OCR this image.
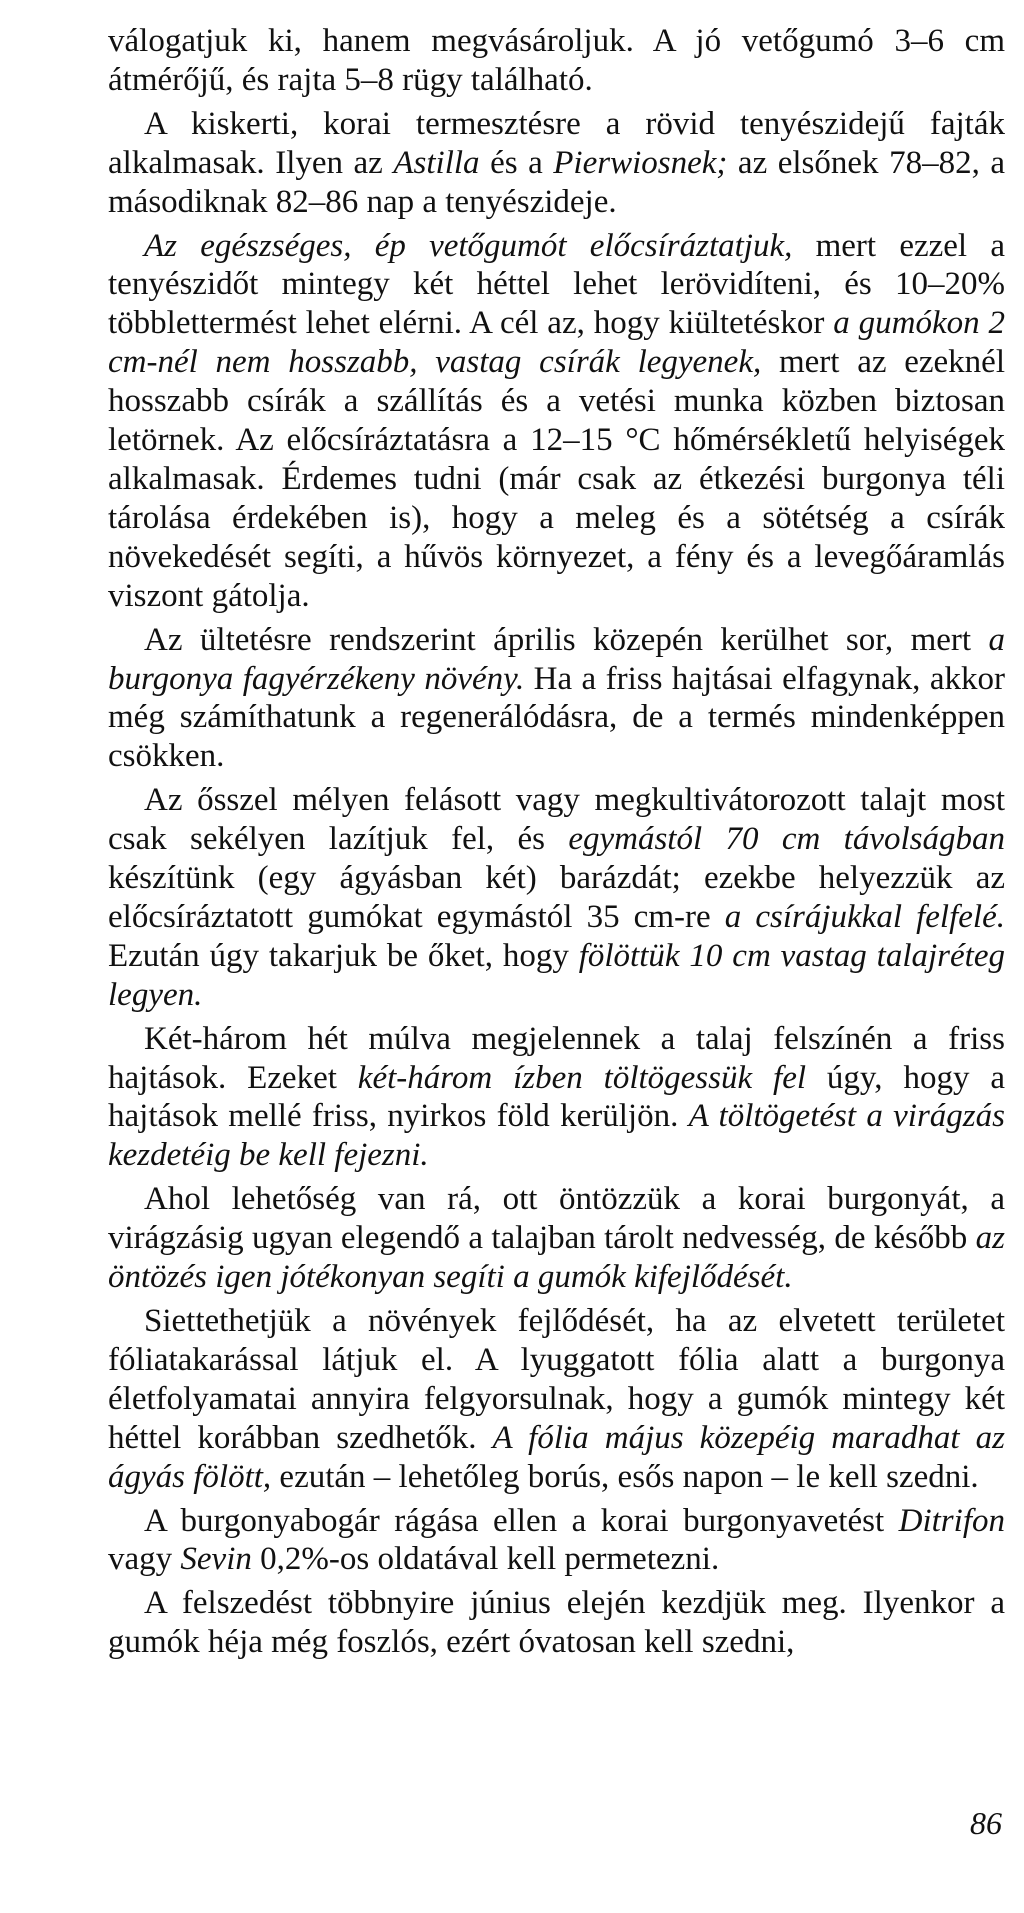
válogatjuk ki, hanem megvásároljuk. A jó vetőgumó 3–6 cm átmérőjű, és rajta 5–8 rügy található.

A kiskerti, korai termesztésre a rövid tenyészidejű fajták alkalmasak. Ilyen az Astilla és a Pierwiosnek; az elsőnek 78–82, a másodiknak 82–86 nap a tenyészideje.

Az egészséges, ép vetőgumót előcsíráztatjuk, mert ezzel a tenyészidőt mintegy két héttel lehet lerövidíteni, és 10–20% többlettermést lehet elérni. A cél az, hogy kiültetéskor a gumókon 2 cm-nél nem hosszabb, vastag csírák legyenek, mert az ezeknél hosszabb csírák a szállítás és a vetési munka közben biztosan letörnek. Az előcsíráztatásra a 12–15 °C hőmérsékletű helyiségek alkalmasak. Érdemes tudni (már csak az étkezési burgonya téli tárolása érdekében is), hogy a meleg és a sötétség a csírák növekedését segíti, a hűvös környezet, a fény és a levegőáramlás viszont gátolja.

Az ültetésre rendszerint április közepén kerülhet sor, mert a burgonya fagyérzékeny növény. Ha a friss hajtásai elfagynak, akkor még számíthatunk a regenerálódásra, de a termés mindenképpen csökken.

Az ősszel mélyen felásott vagy megkultivátorozott talajt most csak sekélyen lazítjuk fel, és egymástól 70 cm távolságban készítünk (egy ágyásban két) barázdát; ezekbe helyezzük az előcsíráztatott gumókat egymástól 35 cm-re a csírájukkal felfelé. Ezután úgy takarjuk be őket, hogy fölöttük 10 cm vastag talajréteg legyen.

Két-három hét múlva megjelennek a talaj felszínén a friss hajtások. Ezeket két-három ízben töltögessük fel úgy, hogy a hajtások mellé friss, nyirkos föld kerüljön. A töltögetést a virágzás kezdetéig be kell fejezni.

Ahol lehetőség van rá, ott öntözzük a korai burgonyát, a virágzásig ugyan elegendő a talajban tárolt nedvesség, de később az öntözés igen jótékonyan segíti a gumók kifejlődését.

Siettethetjük a növények fejlődését, ha az elvetett területet fóliatakarással látjuk el. A lyuggatott fólia alatt a burgonya életfolyamatai annyira felgyorsulnak, hogy a gumók mintegy két héttel korábban szedhetők. A fólia május közepéig maradhat az ágyás fölött, ezután – lehetőleg borús, esős napon – le kell szedni.

A burgonyabogár rágása ellen a korai burgonyavetést Ditrifon vagy Sevin 0,2%-os oldatával kell permetezni.

A felszedést többnyire június elején kezdjük meg. Ilyenkor a gumók héja még foszlós, ezért óvatosan kell szedni,

86
